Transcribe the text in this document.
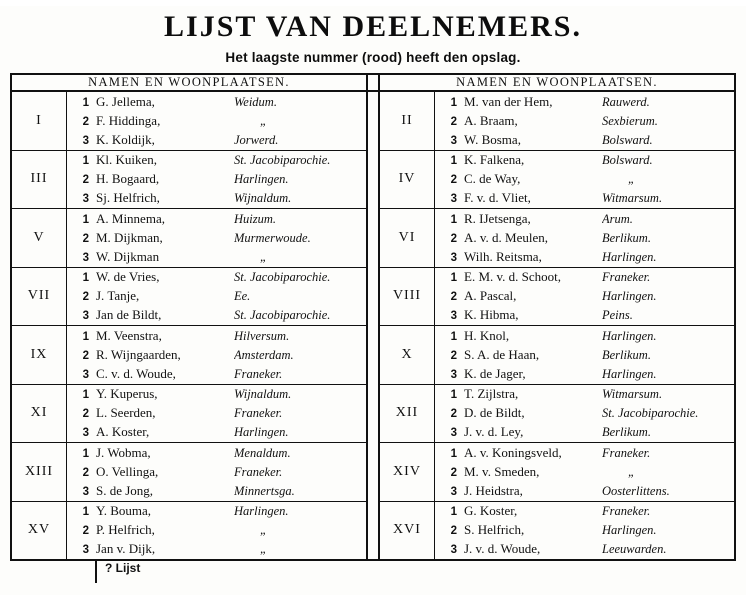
LIJST VAN DEELNEMERS.
Het laagste nummer (rood) heeft den opslag.
NAMEN EN WOONPLAATSEN.		NAMEN EN WOONPLAATSEN.

I	
1 G. Jellema,	Weidum.
2 F. Hiddinga,	„
3 K. Koldijk,	Jorwerd.

III	
1 Kl. Kuiken,	St. Jacobiparochie.
2 H. Bogaard,	Harlingen.
3 Sj. Helfrich,	Wijnaldum.

V	
1 A. Minnema,	Huizum.
2 M. Dijkman,	Murmerwoude.
3 W. Dijkman	„

VII	
1 W. de Vries,	St. Jacobiparochie.
2 J. Tanje,	Ee.
3 Jan de Bildt,	St. Jacobiparochie.

IX	
1 M. Veenstra,	Hilversum.
2 R. Wijngaarden,	Amsterdam.
3 C. v. d. Woude,	Franeker.

XI	
1 Y. Kuperus,	Wijnaldum.
2 L. Seerden,	Franeker.
3 A. Koster,	Harlingen.

XIII	
1 J. Wobma,	Menaldum.
2 O. Vellinga,	Franeker.
3 S. de Jong,	Minnertsga.

XV	
1 Y. Bouma,	Harlingen.
2 P. Helfrich,	„
3 Jan v. Dijk,	„

II	
1 M. van der Hem,	Rauwerd.
2 A. Braam,	Sexbierum.
3 W. Bosma,	Bolsward.

IV	
1 K. Falkena,	Bolsward.
2 C. de Way,	„
3 F. v. d. Vliet,	Witmarsum.

VI	
1 R. IJetsenga,	Arum.
2 A. v. d. Meulen,	Berlikum.
3 Wilh. Reitsma,	Harlingen.

VIII	
1 E. M. v. d. Schoot,	Franeker.
2 A. Pascal,	Harlingen.
3 K. Hibma,	Peins.

X	
1 H. Knol,	Harlingen.
2 S. A. de Haan,	Berlikum.
3 K. de Jager,	Harlingen.

XII	
1 T. Zijlstra,	Witmarsum.
2 D. de Bildt,	St. Jacobiparochie.
3 J. v. d. Ley,	Berlikum.

XIV	
1 A. v. Koningsveld,	Franeker.
2 M. v. Smeden,	„
3 J. Heidstra,	Oosterlittens.

XVI	
1 G. Koster,	Franeker.
2 S. Helfrich,	Harlingen.
3 J. v. d. Woude,	Leeuwarden.
? Lijst
